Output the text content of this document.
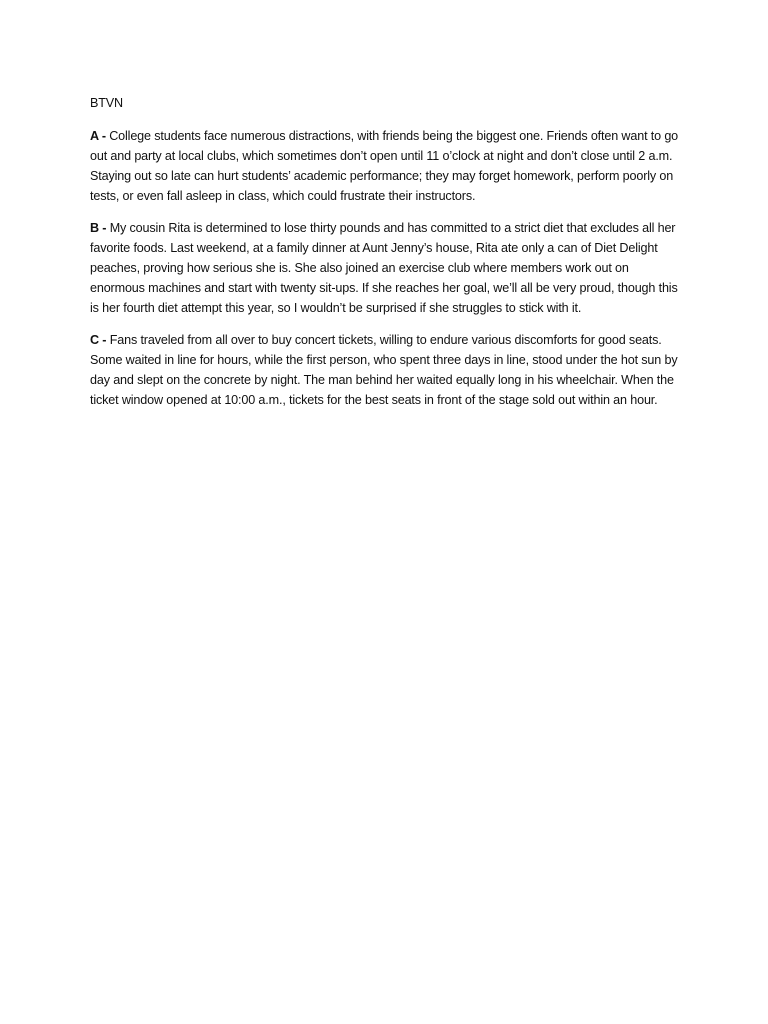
BTVN

A - College students face numerous distractions, with friends being the biggest one. Friends often want to go out and party at local clubs, which sometimes don’t open until 11 o’clock at night and don’t close until 2 a.m. Staying out so late can hurt students’ academic performance; they may forget homework, perform poorly on tests, or even fall asleep in class, which could frustrate their instructors.

B - My cousin Rita is determined to lose thirty pounds and has committed to a strict diet that excludes all her favorite foods. Last weekend, at a family dinner at Aunt Jenny’s house, Rita ate only a can of Diet Delight peaches, proving how serious she is. She also joined an exercise club where members work out on enormous machines and start with twenty sit-ups. If she reaches her goal, we’ll all be very proud, though this is her fourth diet attempt this year, so I wouldn’t be surprised if she struggles to stick with it.

C - Fans traveled from all over to buy concert tickets, willing to endure various discomforts for good seats. Some waited in line for hours, while the first person, who spent three days in line, stood under the hot sun by day and slept on the concrete by night. The man behind her waited equally long in his wheelchair. When the ticket window opened at 10:00 a.m., tickets for the best seats in front of the stage sold out within an hour.
